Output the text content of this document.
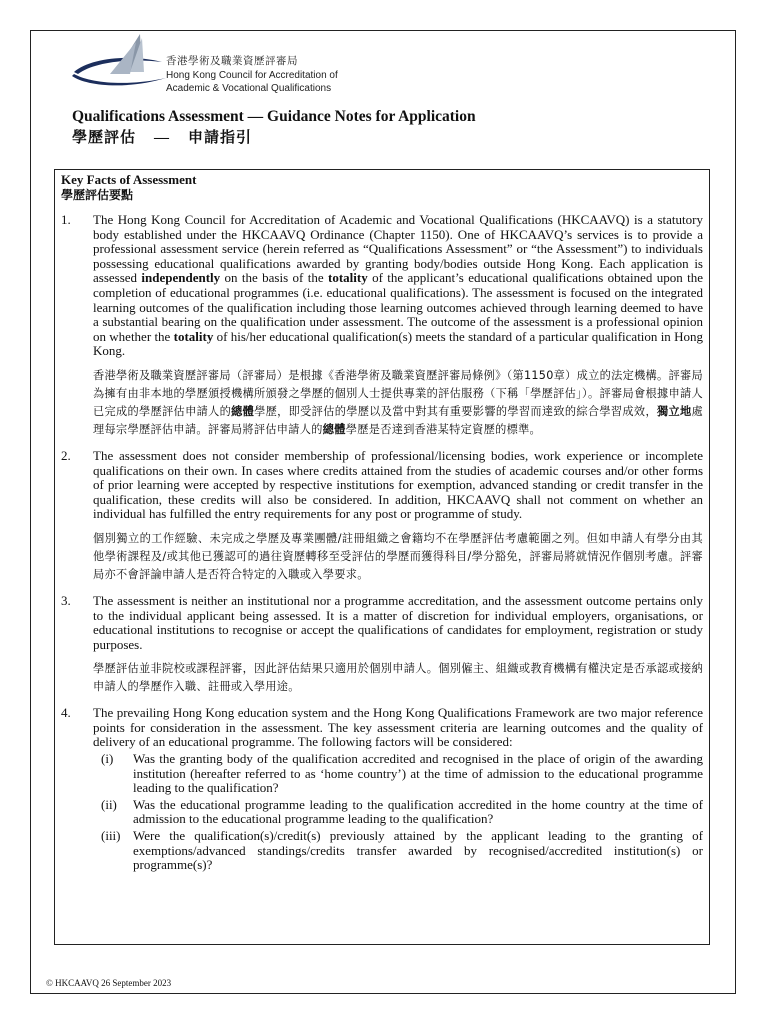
香港學術及職業資歷評審局
Hong Kong Council for Accreditation of
Academic & Vocational Qualifications
Qualifications Assessment — Guidance Notes for Application
學歷評估 — 申請指引
Key Facts of Assessment
學歷評估要點
1. The Hong Kong Council for Accreditation of Academic and Vocational Qualifications (HKCAAVQ) is a statutory body established under the HKCAAVQ Ordinance (Chapter 1150). One of HKCAAVQ’s services is to provide a professional assessment service (herein referred as “Qualifications Assessment” or “the Assessment”) to individuals possessing educational qualifications awarded by granting body/bodies outside Hong Kong. Each application is assessed independently on the basis of the totality of the applicant’s educational qualifications obtained upon the completion of educational programmes (i.e. educational qualifications). The assessment is focused on the integrated learning outcomes of the qualification including those learning outcomes achieved through learning deemed to have a substantial bearing on the qualification under assessment. The outcome of the assessment is a professional opinion on whether the totality of his/her educational qualification(s) meets the standard of a particular qualification in Hong Kong.

香港學術及職業資歷評審局（評審局）是根據《香港學術及職業資歷評審局條例》（第1150章）成立的法定機構。評審局為擁有由非本地的學歷頒授機構所頒發之學歷的個別人士提供專業的評估服務（下稱「學歷評估」）。評審局會根據申請人已完成的學歷評估申請人的總體學歷，即受評估的學歷以及當中對其有重要影響的學習而達致的綜合學習成效，獨立地處理每宗學歷評估申請。評審局將評估申請人的總體學歷是否達到香港某特定資歷的標準。

2. The assessment does not consider membership of professional/licensing bodies, work experience or incomplete qualifications on their own. In cases where credits attained from the studies of academic courses and/or other forms of prior learning were accepted by respective institutions for exemption, advanced standing or credit transfer in the qualification, these credits will also be considered. In addition, HKCAAVQ shall not comment on whether an individual has fulfilled the entry requirements for any post or programme of study.

個別獨立的工作經驗、未完成之學歷及專業團體/註冊組織之會籍均不在學歷評估考慮範圍之列。但如申請人有學分由其他學術課程及/或其他已獲認可的過往資歷轉移至受評估的學歷而獲得科目/學分豁免，評審局將就情況作個別考慮。評審局亦不會評論申請人是否符合特定的入職或入學要求。

3. The assessment is neither an institutional nor a programme accreditation, and the assessment outcome pertains only to the individual applicant being assessed. It is a matter of discretion for individual employers, organisations, or educational institutions to recognise or accept the qualifications of candidates for employment, registration or study purposes.

學歷評估並非院校或課程評審，因此評估結果只適用於個別申請人。個別僱主、組織或教育機構有權決定是否承認或接納申請人的學歷作入職、註冊或入學用途。

4. The prevailing Hong Kong education system and the Hong Kong Qualifications Framework are two major reference points for consideration in the assessment. The key assessment criteria are learning outcomes and the quality of delivery of an educational programme. The following factors will be considered:

(i) Was the granting body of the qualification accredited and recognised in the place of origin of the awarding institution (hereafter referred to as ‘home country’) at the time of admission to the educational programme leading to the qualification?

(ii) Was the educational programme leading to the qualification accredited in the home country at the time of admission to the educational programme leading to the qualification?

(iii) Were the qualification(s)/credit(s) previously attained by the applicant leading to the granting of exemptions/advanced standings/credits transfer awarded by recognised/accredited institution(s) or programme(s)?

© HKCAAVQ 26 September 2023
